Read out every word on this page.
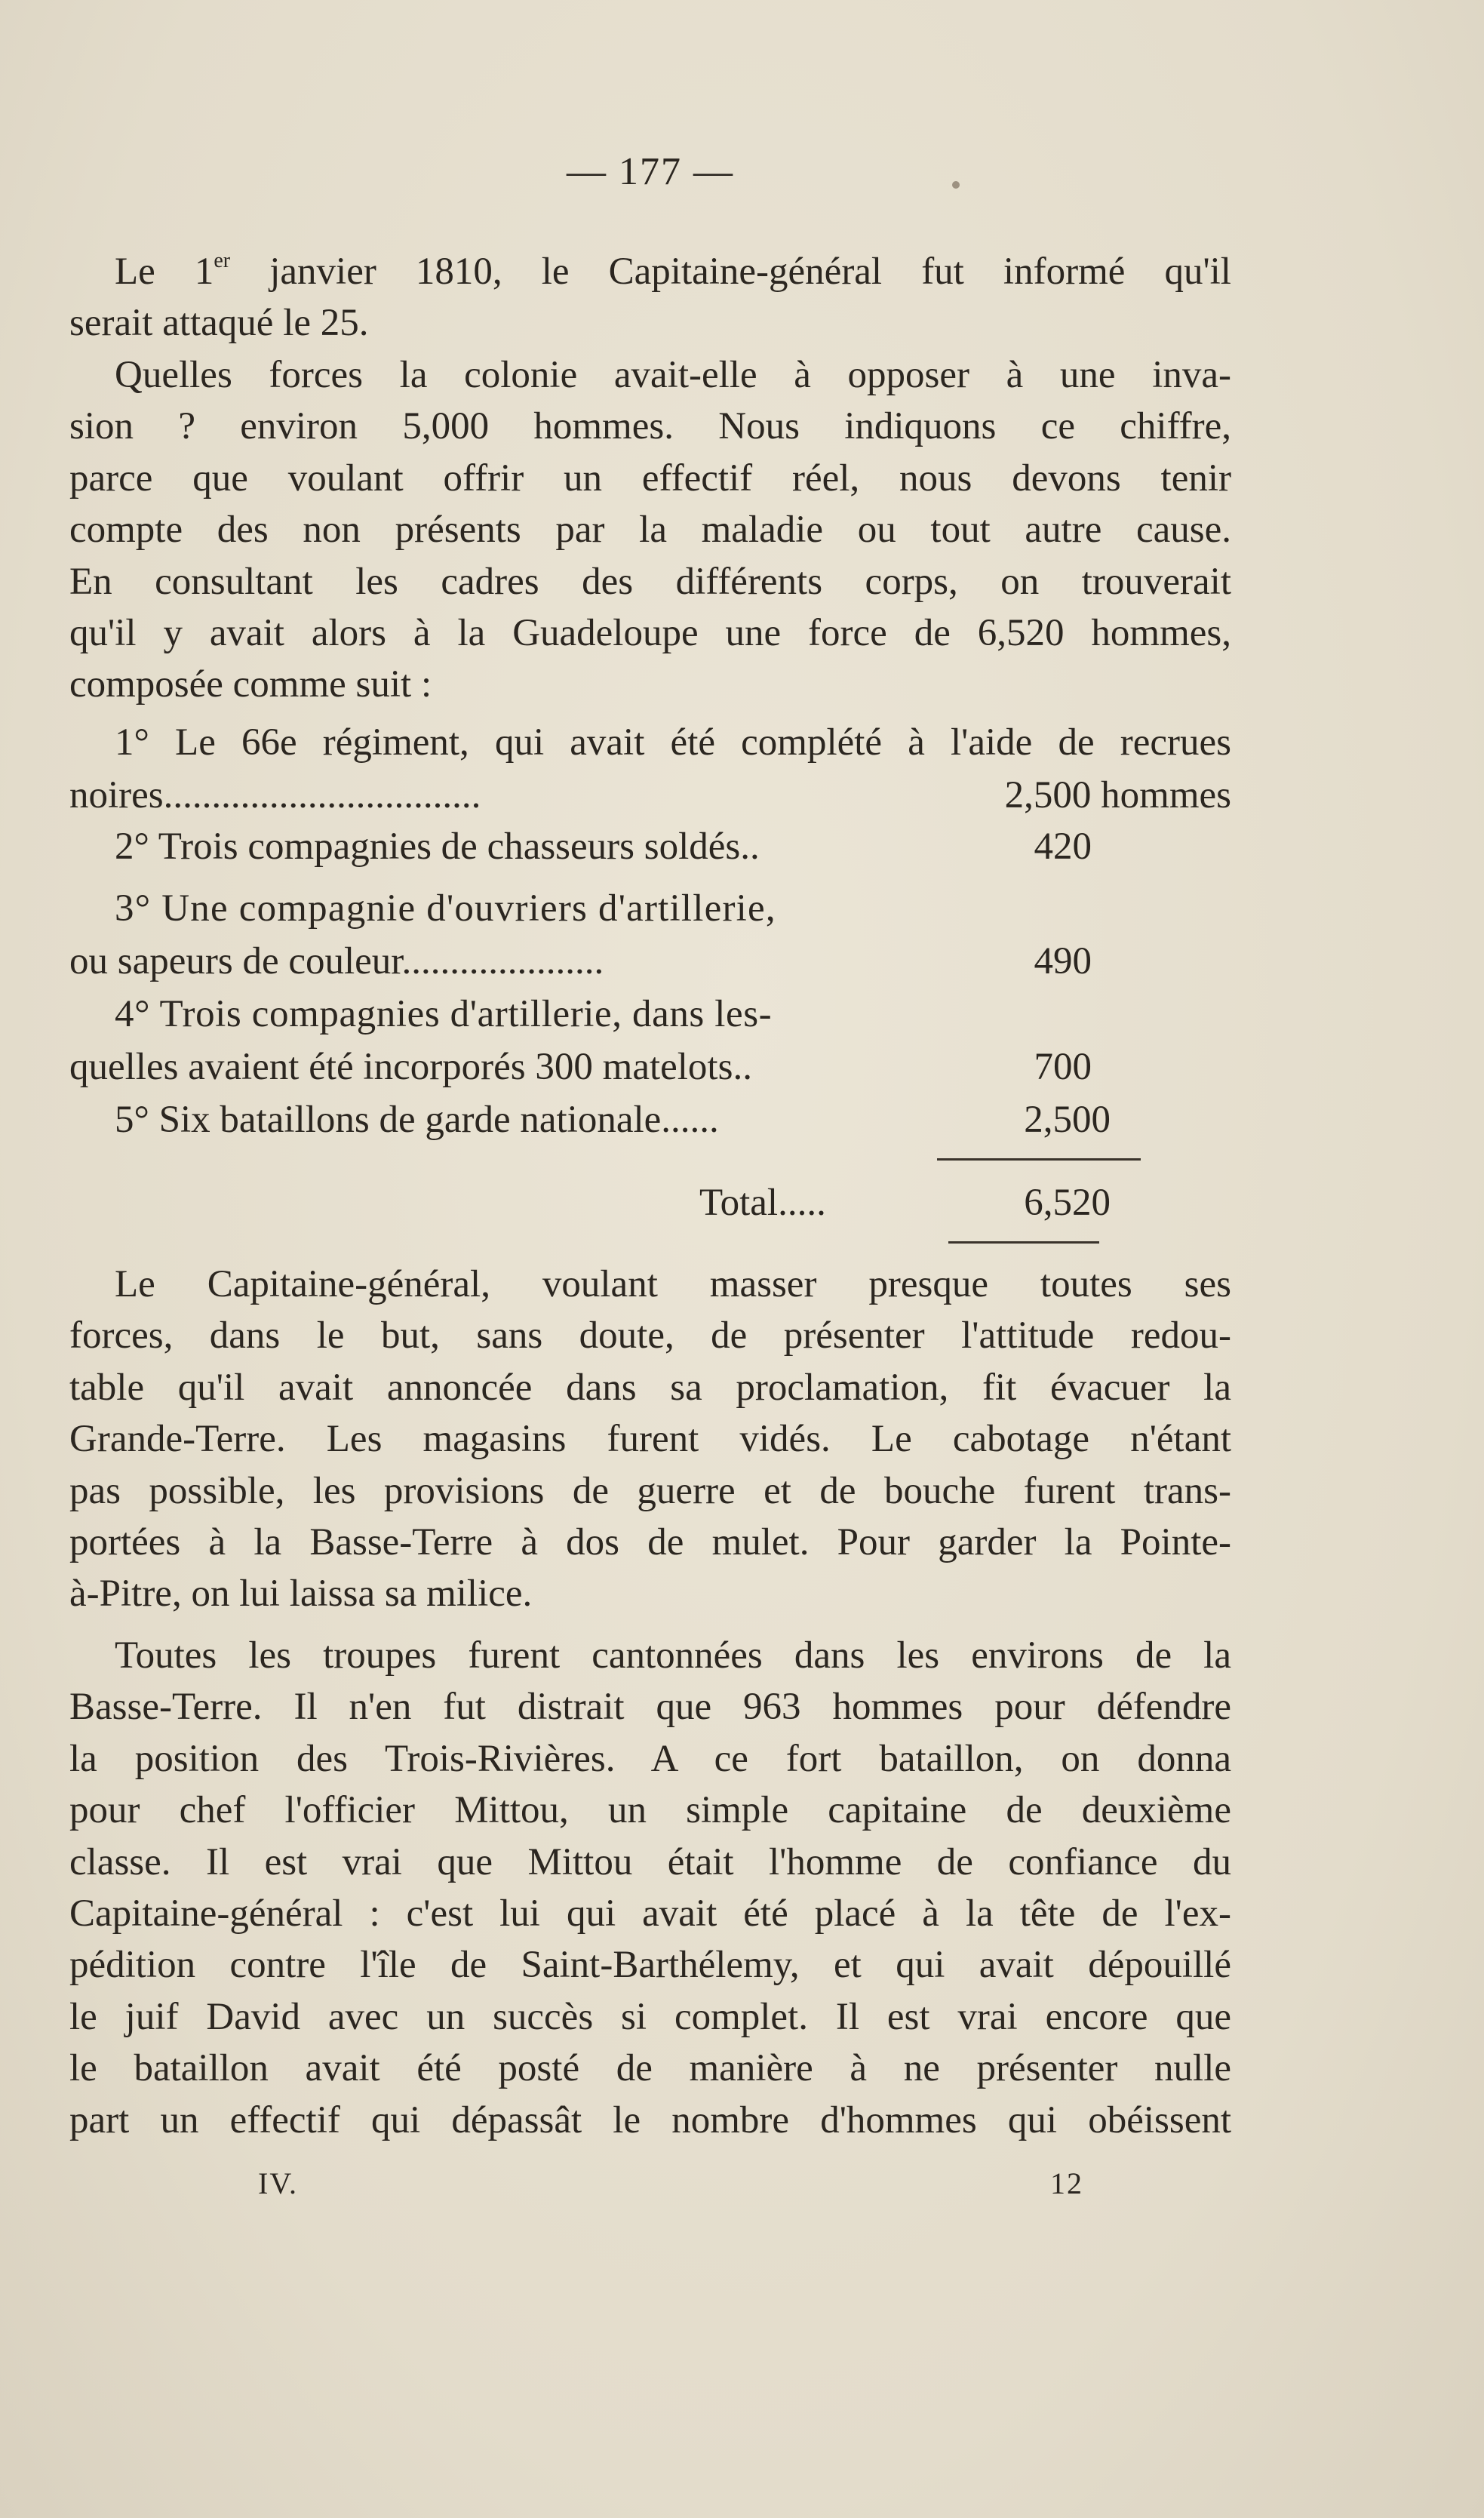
— 177 —
Le 1er janvier 1810, le Capitaine-général fut informé qu'il
serait attaqué le 25.
Quelles forces la colonie avait-elle à opposer à une inva-
sion ? environ 5,000 hommes. Nous indiquons ce chiffre,
parce que voulant offrir un effectif réel, nous devons tenir
compte des non présents par la maladie ou tout autre cause.
En consultant les cadres des différents corps, on trouverait
qu'il y avait alors à la Guadeloupe une force de 6,520 hommes,
composée comme suit :
1° Le 66e régiment, qui avait été complété à l'aide de recrues
noires.................................	2,500 hommes
2° Trois compagnies de chasseurs soldés..	420
3° Une compagnie d'ouvriers d'artillerie,
ou sapeurs de couleur.....................	490
4° Trois compagnies d'artillerie, dans les-
quelles avaient été incorporés 300 matelots..	700
5° Six bataillons de garde nationale......	2,500
Total.....	6,520
Le Capitaine-général, voulant masser presque toutes ses
forces, dans le but, sans doute, de présenter l'attitude redou-
table qu'il avait annoncée dans sa proclamation, fit évacuer la
Grande-Terre. Les magasins furent vidés. Le cabotage n'étant
pas possible, les provisions de guerre et de bouche furent trans-
portées à la Basse-Terre à dos de mulet. Pour garder la Pointe-
à-Pitre, on lui laissa sa milice.
Toutes les troupes furent cantonnées dans les environs de la
Basse-Terre. Il n'en fut distrait que 963 hommes pour défendre
la position des Trois-Rivières. A ce fort bataillon, on donna
pour chef l'officier Mittou, un simple capitaine de deuxième
classe. Il est vrai que Mittou était l'homme de confiance du
Capitaine-général : c'est lui qui avait été placé à la tête de l'ex-
pédition contre l'île de Saint-Barthélemy, et qui avait dépouillé
le juif David avec un succès si complet. Il est vrai encore que
le bataillon avait été posté de manière à ne présenter nulle
part un effectif qui dépassât le nombre d'hommes qui obéissent
IV.	12
